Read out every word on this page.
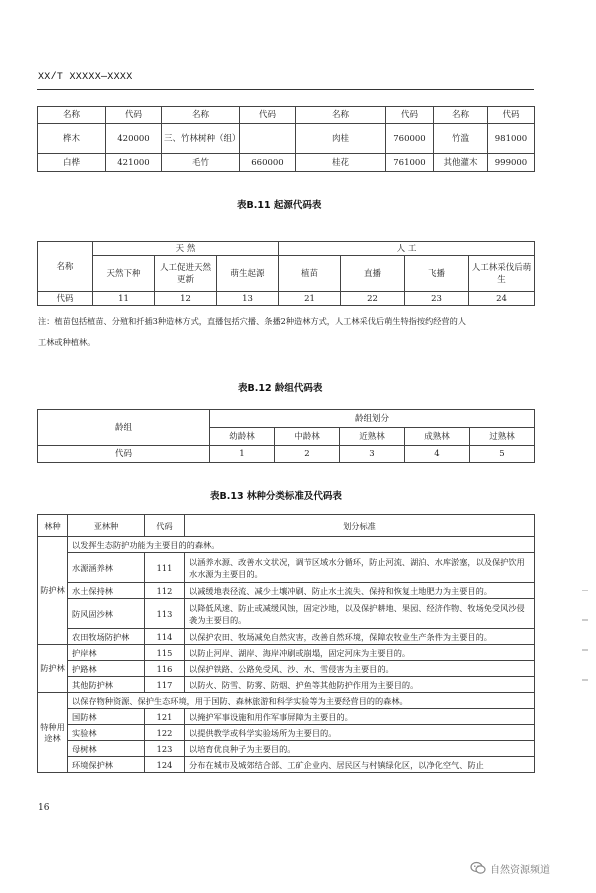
XX/T XXXXX—XXXX
名称	代码	名称	代码	名称	代码	名称	代码
桦木	420000	三、竹林树种（组）		肉桂	760000	竹滥	981000
白桦	421000	毛竹	660000	桂花	761000	其他灌木	999000
表B.11 起源代码表
名称	天 然			人 工			
	天然下种	人工促进天然更新	萌生起源	植苗	直播	飞播	人工林采伐后萌生
代码	11	12	13	21	22	23	24
注：植苗包括植苗、分殖和扦插3种造林方式，直播包括穴播、条播2种造林方式，人工林采伐后萌生特指按约经营的人
工林或种植林。
表B.12 龄组代码表
龄组	龄组划分				
	幼龄林	中龄林	近熟林	成熟林	过熟林
代码	1	2	3	4	5
表B.13 林种分类标准及代码表
林种	亚林种	代码	划分标准
防护林	以发挥生态防护功能为主要目的的森林。		
	水源涵养林	111	以涵养水源、改善水文状况，调节区域水分循环，防止河流、湖泊、水库淤塞，以及保护饮用水水源为主要目的。
	水土保持林	112	以减缓地表径流、减少土壤冲刷、防止水土流失、保持和恢复土地肥力为主要目的。
	防风固沙林	113	以降低风速、防止或减缓风蚀，固定沙地，以及保护耕地、果园、经济作物、牧场免受风沙侵袭为主要目的。
	农田牧场防护林	114	以保护农田、牧场减免自然灾害，改善自然环境，保障农牧业生产条件为主要目的。
防护林	护岸林	115	以防止河岸、湖岸、海岸冲刷或崩塌，固定河床为主要目的。
	护路林	116	以保护铁路、公路免受风、沙、水、雪侵害为主要目的。
	其他防护林	117	以防火、防雪、防雾、防烟、护鱼等其他防护作用为主要目的。
特种用途林	以保存物种资源、保护生态环境，用于国防、森林旅游和科学实验等为主要经营目的的森林。		
	国防林	121	以掩护军事设施和用作军事屏障为主要目的。
	实验林	122	以提供教学或科学实验场所为主要目的。
	母树林	123	以培育优良种子为主要目的。
	环境保护林	124	分布在城市及城郊结合部、工矿企业内、居民区与村镇绿化区，以净化空气、防止
16
自然资源频道
